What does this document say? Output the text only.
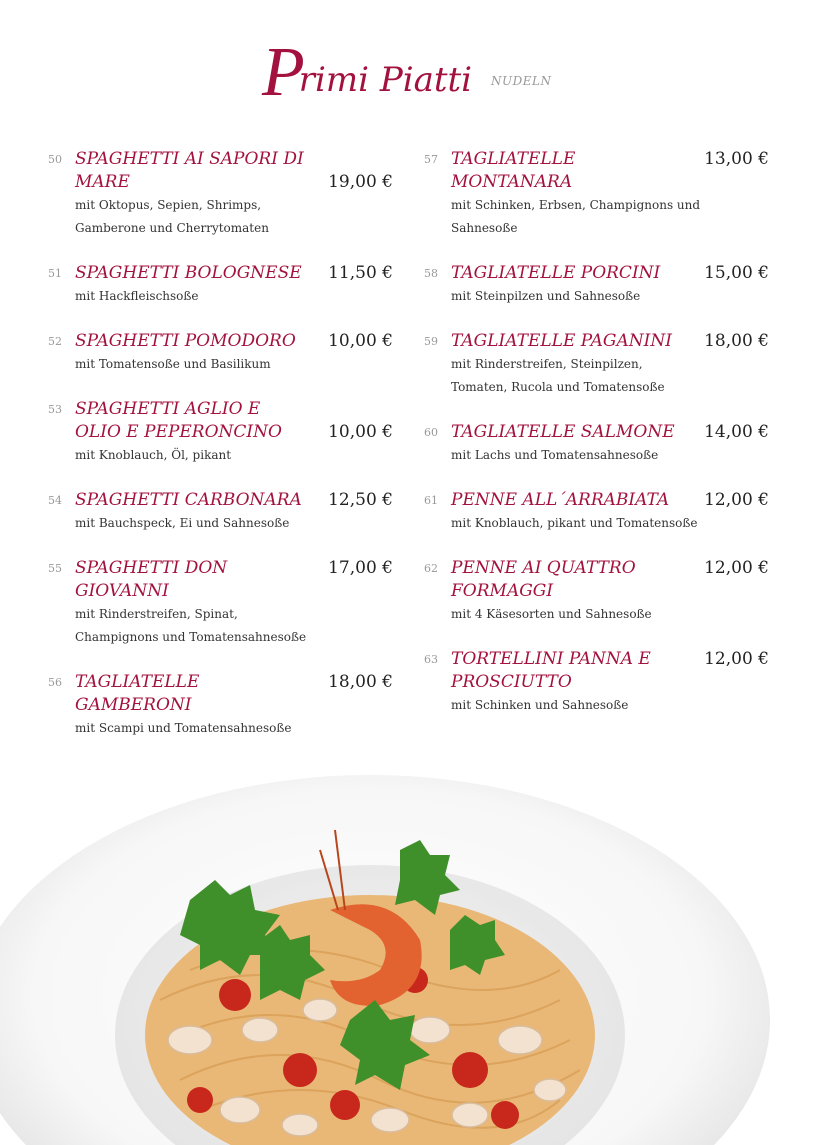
Primi Piatti NUDELN
50 SPAGHETTI AI SAPORI DI MARE	19,00 €
mit Oktopus, Sepien, Shrimps, Gamberone und Cherrytomaten
51 SPAGHETTI BOLOGNESE	11,50 €
mit Hackfleischsoße
52 SPAGHETTI POMODORO	10,00 €
mit Tomatensoße und Basilikum
53 SPAGHETTI AGLIO E OLIO E PEPERONCINO	10,00 €
mit Knoblauch, Öl, pikant
54 SPAGHETTI CARBONARA	12,50 €
mit Bauchspeck, Ei und Sahnesoße
55 SPAGHETTI DON GIOVANNI
17,00 €
mit Rinderstreifen, Spinat, Champignons und Tomatensahnesoße
56 TAGLIATELLE GAMBERONI
18,00 €
mit Scampi und Tomatensahnesoße
57 TAGLIATELLE MONTANARA
13,00 €
mit Schinken, Erbsen, Champignons und Sahnesoße
58 TAGLIATELLE PORCINI	15,00 €
mit Steinpilzen und Sahnesoße
59 TAGLIATELLE PAGANINI	18,00 €
mit Rinderstreifen, Steinpilzen, Tomaten, Rucola und Tomatensoße
60 TAGLIATELLE SALMONE	14,00 €
mit Lachs und Tomatensahnesoße
61 PENNE ALL´ARRABIATA	12,00 €
mit Knoblauch, pikant und Tomatensoße
62 PENNE AI QUATTRO FORMAGGI
12,00 €
mit 4 Käsesorten und Sahnesoße
63 TORTELLINI PANNA E PROSCIUTTO
12,00 €
mit Schinken und Sahnesoße
